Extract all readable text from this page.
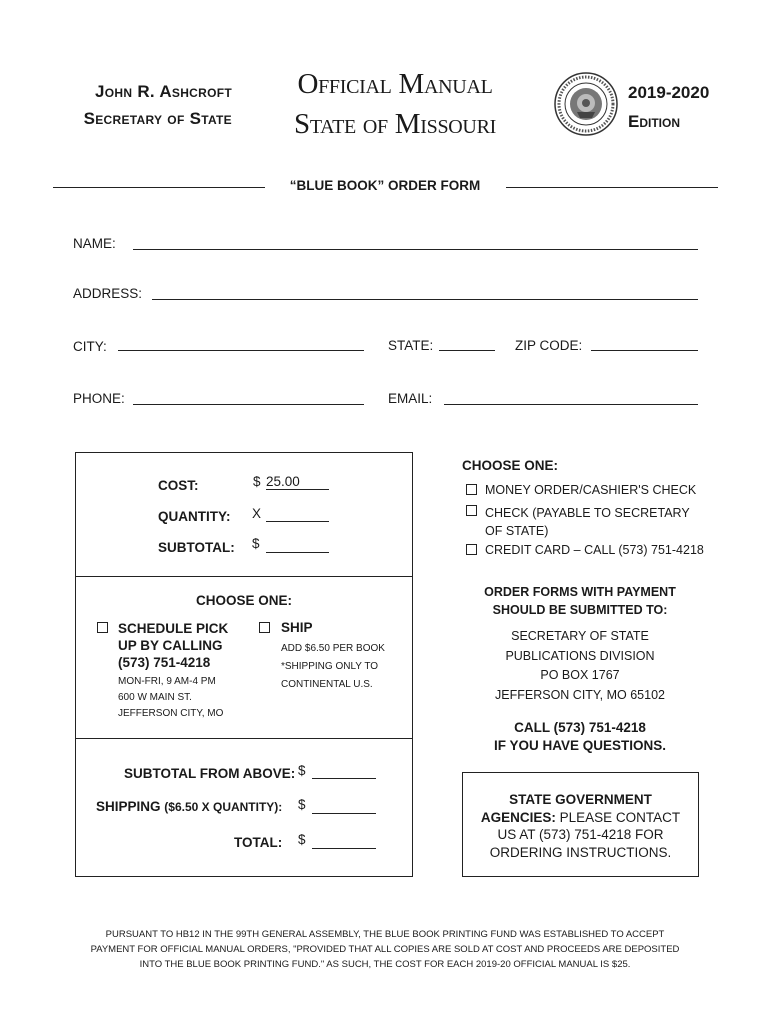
John R. Ashcroft
Secretary of State
Official Manual
State of Missouri
2019-2020
Edition
“BLUE BOOK” ORDER FORM
NAME:
ADDRESS:
CITY:	STATE:	ZIP CODE:
PHONE:	EMAIL:
COST:	$ 25.00
QUANTITY: X
SUBTOTAL: $
CHOOSE ONE:
SCHEDULE PICK
UP BY CALLING
(573) 751-4218
MON-FRI, 9 AM-4 PM
600 W MAIN ST.
JEFFERSON CITY, MO
SHIP
ADD $6.50 PER BOOK
*SHIPPING ONLY TO
CONTINENTAL U.S.
SUBTOTAL FROM ABOVE: $
SHIPPING ($6.50 X QUANTITY): $
TOTAL: $
CHOOSE ONE:
MONEY ORDER/CASHIER'S CHECK
CHECK (PAYABLE TO SECRETARY
OF STATE)
CREDIT CARD – CALL (573) 751-4218
ORDER FORMS WITH PAYMENT
SHOULD BE SUBMITTED TO:
SECRETARY OF STATE
PUBLICATIONS DIVISION
PO BOX 1767
JEFFERSON CITY, MO 65102
CALL (573) 751-4218
IF YOU HAVE QUESTIONS.
STATE GOVERNMENT
AGENCIES: PLEASE CONTACT
US AT (573) 751-4218 FOR
ORDERING INSTRUCTIONS.
PURSUANT TO HB12 IN THE 99TH GENERAL ASSEMBLY, THE BLUE BOOK PRINTING FUND WAS ESTABLISHED TO ACCEPT
PAYMENT FOR OFFICIAL MANUAL ORDERS, "PROVIDED THAT ALL COPIES ARE SOLD AT COST AND PROCEEDS ARE DEPOSITED
INTO THE BLUE BOOK PRINTING FUND." AS SUCH, THE COST FOR EACH 2019-20 OFFICIAL MANUAL IS $25.
